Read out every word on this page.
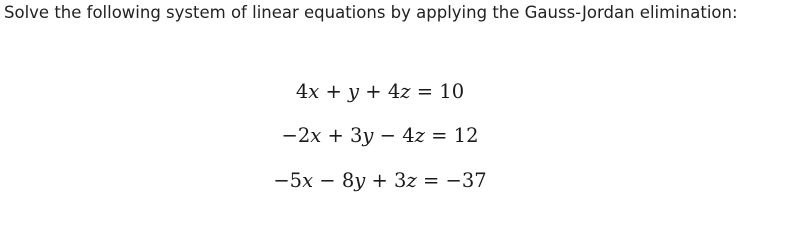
Solve the following system of linear equations by applying the Gauss-Jordan elimination:
4x + y + 4z = 10
−2x + 3y − 4z = 12
−5x − 8y + 3z = −37
